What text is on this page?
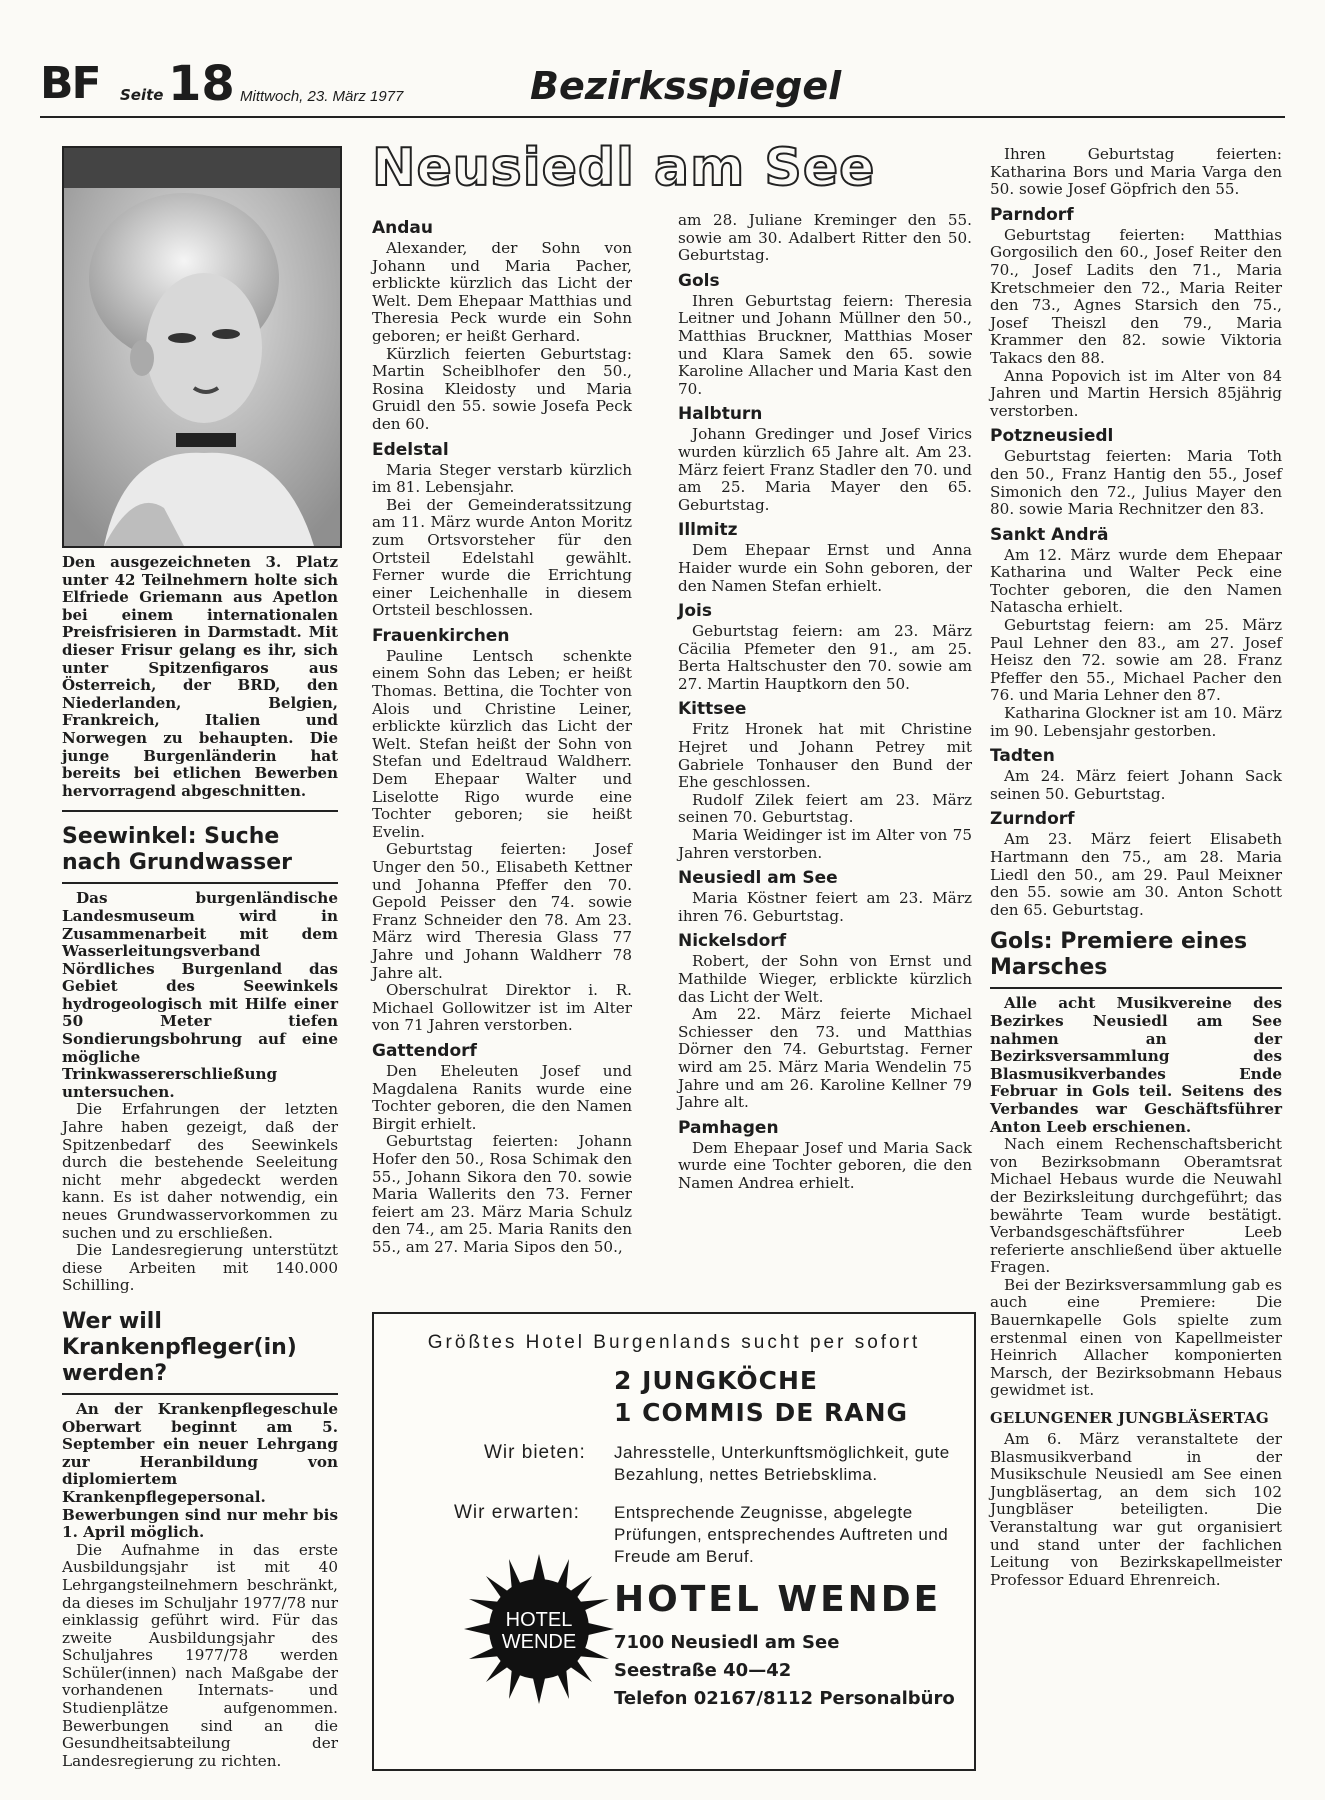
BF Seite 18 Mittwoch, 23. März 1977	Bezirksspiegel
Den ausgezeichneten 3. Platz unter 42 Teilnehmern holte sich Elfriede Griemann aus Apetlon bei einem internationalen Preisfrisieren in Darmstadt. Mit dieser Frisur gelang es ihr, sich unter Spitzenfigaros aus Österreich, der BRD, den Niederlanden, Belgien, Frankreich, Italien und Norwegen zu behaupten. Die junge Burgenländerin hat bereits bei etlichen Bewerben hervorragend abgeschnitten.
Seewinkel: Suche nach Grundwasser

Das burgenländische Landesmuseum wird in Zusammenarbeit mit dem Wasserleitungsverband Nördliches Burgenland das Gebiet des Seewinkels hydrogeologisch mit Hilfe einer 50 Meter tiefen Sondierungsbohrung auf eine mögliche Trinkwassererschließung untersuchen.

Die Erfahrungen der letzten Jahre haben gezeigt, daß der Spitzenbedarf des Seewinkels durch die bestehende Seeleitung nicht mehr abgedeckt werden kann. Es ist daher notwendig, ein neues Grundwasservorkommen zu suchen und zu erschließen.

Die Landesregierung unterstützt diese Arbeiten mit 140.000 Schilling.

Wer will Krankenpfleger(in) werden?

An der Krankenpflegeschule Oberwart beginnt am 5. September ein neuer Lehrgang zur Heranbildung von diplomiertem Krankenpflegepersonal. Bewerbungen sind nur mehr bis 1. April möglich.

Die Aufnahme in das erste Ausbildungsjahr ist mit 40 Lehrgangsteilnehmern beschränkt, da dieses im Schuljahr 1977/78 nur einklassig geführt wird. Für das zweite Ausbildungsjahr des Schuljahres 1977/78 werden Schüler(innen) nach Maßgabe der vorhandenen Internats- und Studienplätze aufgenommen. Bewerbungen sind an die Gesundheitsabteilung der Landesregierung zu richten.

Neusiedl am See
Andau

Alexander, der Sohn von Johann und Maria Pacher, erblickte kürzlich das Licht der Welt. Dem Ehepaar Matthias und Theresia Peck wurde ein Sohn geboren; er heißt Gerhard.

Kürzlich feierten Geburtstag: Martin Scheiblhofer den 50., Rosina Kleidosty und Maria Gruidl den 55. sowie Josefa Peck den 60.

Edelstal

Maria Steger verstarb kürzlich im 81. Lebensjahr.

Bei der Gemeinderatssitzung am 11. März wurde Anton Moritz zum Ortsvorsteher für den Ortsteil Edelstahl gewählt. Ferner wurde die Errichtung einer Leichenhalle in diesem Ortsteil beschlossen.

Frauenkirchen

Pauline Lentsch schenkte einem Sohn das Leben; er heißt Thomas. Bettina, die Tochter von Alois und Christine Leiner, erblickte kürzlich das Licht der Welt. Stefan heißt der Sohn von Stefan und Edeltraud Waldherr. Dem Ehepaar Walter und Liselotte Rigo wurde eine Tochter geboren; sie heißt Evelin.

Geburtstag feierten: Josef Unger den 50., Elisabeth Kettner und Johanna Pfeffer den 70. Gepold Peisser den 74. sowie Franz Schneider den 78. Am 23. März wird Theresia Glass 77 Jahre und Johann Waldherr 78 Jahre alt.

Oberschulrat Direktor i. R. Michael Gollowitzer ist im Alter von 71 Jahren verstorben.

Gattendorf

Den Eheleuten Josef und Magdalena Ranits wurde eine Tochter geboren, die den Namen Birgit erhielt.

Geburtstag feierten: Johann Hofer den 50., Rosa Schimak den 55., Johann Sikora den 70. sowie Maria Wallerits den 73. Ferner feiert am 23. März Maria Schulz den 74., am 25. Maria Ranits den 55., am 27. Maria Sipos den 50.,

am 28. Juliane Kreminger den 55. sowie am 30. Adalbert Ritter den 50. Geburtstag.

Gols

Ihren Geburtstag feiern: Theresia Leitner und Johann Müllner den 50., Matthias Bruckner, Matthias Moser und Klara Samek den 65. sowie Karoline Allacher und Maria Kast den 70.

Halbturn

Johann Gredinger und Josef Virics wurden kürzlich 65 Jahre alt. Am 23. März feiert Franz Stadler den 70. und am 25. Maria Mayer den 65. Geburtstag.

Illmitz

Dem Ehepaar Ernst und Anna Haider wurde ein Sohn geboren, der den Namen Stefan erhielt.

Jois

Geburtstag feiern: am 23. März Cäcilia Pfemeter den 91., am 25. Berta Haltschuster den 70. sowie am 27. Martin Hauptkorn den 50.

Kittsee

Fritz Hronek hat mit Christine Hejret und Johann Petrey mit Gabriele Tonhauser den Bund der Ehe geschlossen.

Rudolf Zilek feiert am 23. März seinen 70. Geburtstag.

Maria Weidinger ist im Alter von 75 Jahren verstorben.

Neusiedl am See

Maria Köstner feiert am 23. März ihren 76. Geburtstag.

Nickelsdorf

Robert, der Sohn von Ernst und Mathilde Wieger, erblickte kürzlich das Licht der Welt.

Am 22. März feierte Michael Schiesser den 73. und Matthias Dörner den 74. Geburtstag. Ferner wird am 25. März Maria Wendelin 75 Jahre und am 26. Karoline Kellner 79 Jahre alt.

Pamhagen

Dem Ehepaar Josef und Maria Sack wurde eine Tochter geboren, die den Namen Andrea erhielt.

Ihren Geburtstag feierten: Katharina Bors und Maria Varga den 50. sowie Josef Göpfrich den 55.

Parndorf

Geburtstag feierten: Matthias Gorgosilich den 60., Josef Reiter den 70., Josef Ladits den 71., Maria Kretschmeier den 72., Maria Reiter den 73., Agnes Starsich den 75., Josef Theiszl den 79., Maria Krammer den 82. sowie Viktoria Takacs den 88.

Anna Popovich ist im Alter von 84 Jahren und Martin Hersich 85jährig verstorben.

Potzneusiedl

Geburtstag feierten: Maria Toth den 50., Franz Hantig den 55., Josef Simonich den 72., Julius Mayer den 80. sowie Maria Rechnitzer den 83.

Sankt Andrä

Am 12. März wurde dem Ehepaar Katharina und Walter Peck eine Tochter geboren, die den Namen Natascha erhielt.

Geburtstag feiern: am 25. März Paul Lehner den 83., am 27. Josef Heisz den 72. sowie am 28. Franz Pfeffer den 55., Michael Pacher den 76. und Maria Lehner den 87.

Katharina Glockner ist am 10. März im 90. Lebensjahr gestorben.

Tadten

Am 24. März feiert Johann Sack seinen 50. Geburtstag.

Zurndorf

Am 23. März feiert Elisabeth Hartmann den 75., am 28. Maria Liedl den 50., am 29. Paul Meixner den 55. sowie am 30. Anton Schott den 65. Geburtstag.

Gols: Premiere eines Marsches

Alle acht Musikvereine des Bezirkes Neusiedl am See nahmen an der Bezirksversammlung des Blasmusikverbandes Ende Februar in Gols teil. Seitens des Verbandes war Geschäftsführer Anton Leeb erschienen.

Nach einem Rechenschaftsbericht von Bezirksobmann Oberamtsrat Michael Hebaus wurde die Neuwahl der Bezirksleitung durchgeführt; das bewährte Team wurde bestätigt. Verbandsgeschäftsführer Leeb referierte anschließend über aktuelle Fragen.

Bei der Bezirksversammlung gab es auch eine Premiere: Die Bauernkapelle Gols spielte zum erstenmal einen von Kapellmeister Heinrich Allacher komponierten Marsch, der Bezirksobmann Hebaus gewidmet ist.

GELUNGENER JUNGBLÄSERTAG

Am 6. März veranstaltete der Blasmusikverband in der Musikschule Neusiedl am See einen Jungbläsertag, an dem sich 102 Jungbläser beteiligten. Die Veranstaltung war gut organisiert und stand unter der fachlichen Leitung von Bezirkskapellmeister Professor Eduard Ehrenreich.

Größtes Hotel Burgenlands sucht per sofort
2 JUNGKÖCHE
1 COMMIS DE RANG
Wir bieten: Jahresstelle, Unterkunftsmöglichkeit, gute Bezahlung, nettes Betriebsklima.
Wir erwarten: Entsprechende Zeugnisse, abgelegte Prüfungen, entsprechendes Auftreten und Freude am Beruf.
HOTEL
WENDE
HOTEL WENDE
7100 Neusiedl am See
Seestraße 40—42
Telefon 02167/8112 Personalbüro
